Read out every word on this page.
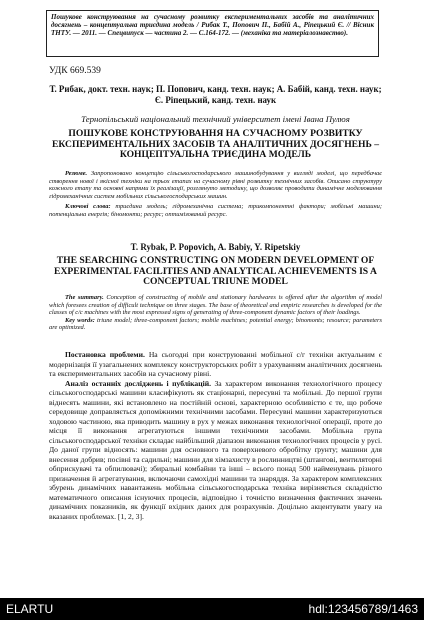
Пошукове конструювання на сучасному розвитку експериментальних засобів та аналітичних досягнень – концептуальна триєдина модель / Рибак Т., Попович П., Бабій А., Ріпецький Є. // Вісник ТНТУ. — 2011. — Спецвипуск — частина 2. — С.164-172. — (механіка та матеріалознавство).
УДК 669.539
Т. Рибак, докт. техн. наук; П. Попович, канд. техн. наук; А. Бабій, канд. техн. наук; Є. Ріпецький, канд. техн. наук
Тернопільський національний технічний університет імені Івана Пулюя
ПОШУКОВЕ КОНСТРУЮВАННЯ НА СУЧАСНОМУ РОЗВИТКУ ЕКСПЕРИМЕНТАЛЬНИХ ЗАСОБІВ ТА АНАЛІТИЧНИХ ДОСЯГНЕНЬ – КОНЦЕПТУАЛЬНА ТРИЄДИНА МОДЕЛЬ
Резюме. Запропоновано концепцію сільськогосподарського машинобудування у вигляді моделі, що передбачає створення нової і якісної техніки на трьох етапах на сучасному рівні розвитку технічних засобів. Описано структуру кожного етапу та основні напрями їх реалізації, розглянуто методику, що дозволяє проводити динамічне моделювання гідромеханічних систем мобільних сільськогосподарських машин.
Ключові слова: триєдина модель; гідромеханічна система; трикомпонентні фактори; мобільні машини; потенціальна енергія; біномонти; ресурс; оптимізований ресурс.
T. Rybak, P. Popovich, A. Babiy, Y. Ripetskiy
THE SEARCHING CONSTRUCTING ON MODERN DEVELOPMENT OF EXPERIMENTAL FACILITIES AND ANALYTICAL ACHIEVEMENTS IS A CONCEPTUAL TRIUNE MODEL
The summary. Conception of constructing of mobile and stationary hardwares is offered after the algorithm of model which foresees creation of difficult technique on three stages. The base of theoretical and empiric researches is developed for the classes of c/c machines with the most expressed signs of generating of three-component dynamic factors of their loadings.
Key words: triune model; three-component factors; mobile machines; potential energy; binomonts; resource; parameters are optimized.

Постановка проблеми. На сьогодні при конструюванні мобільної с/г техніки актуальним є модернізація її узагальнених комплексу конструкторських робіт з урахуванням аналітичних досягнень та експериментальних засобів на сучасному рівні.

Аналіз останніх досліджень і публікацій. За характером виконання технологічного процесу сільськогосподарські машини класифікують як стаціонарні, пересувні та мобільні. До першої групи віднесять машини, які встановлено на постійній основі, характерною особливістю є те, що робоче середовище доправляється допоміжними технічними засобами. Пересувні машини характеризуються ходовою частиною, яка приводить машину в рух у межах виконання технологічної операції, проте до місця її виконання агрегатуються іншими технічними засобами. Мобільна група сільськогосподарської техніки складає найбільший діапазон виконання технологічних процесів у русі. До даної групи відносять: машини для основного та поверхневого обробітку ґрунту; машини для внесення добрив; посівні та садильні; машини для хімзахисту в рослинництві (штангові, вентиляторні обприскувачі та обпилювачі); збиральні комбайни та інші – всього понад 500 найменувань різного призначення й агрегатування, включаючи самохідні машини та знаряддя. За характером комплексних збурень динамічних навантажень мобільна сільськогосподарська техніка вирізняється складністю математичного описання існуючих процесів, відповідно і точністю визначення фактичних значень динамічних показників, як функції вхідних даних для розрахунків. Доцільно акцентувати увагу на вказаних проблемах. [1, 2, 3].

ELARTU	hdl:123456789/1463
